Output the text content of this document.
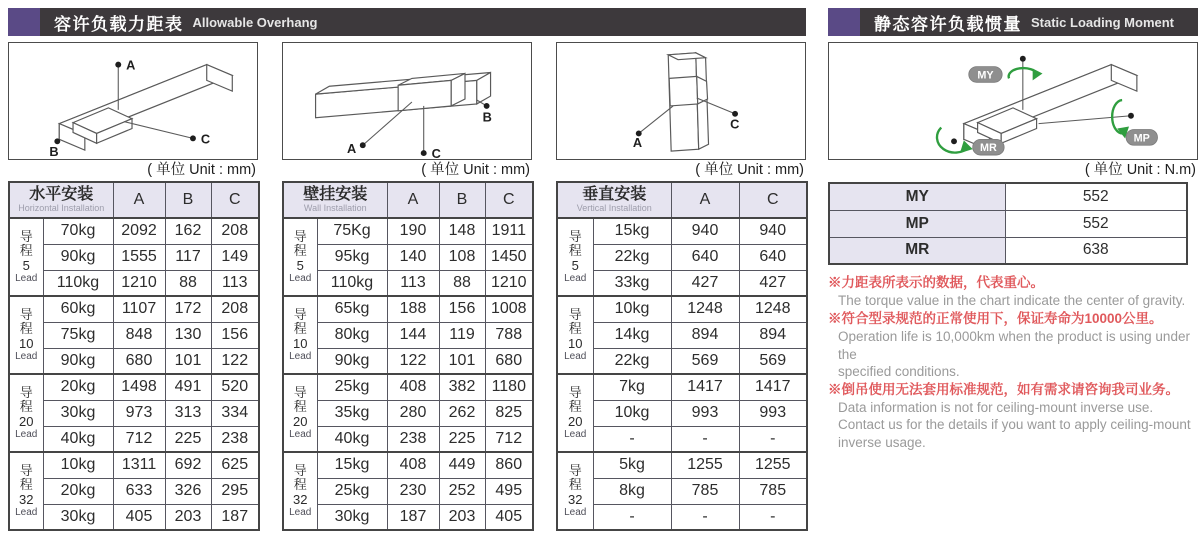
容许负载力距表 Allowable Overhang
A
C
B
( 单位 Unit : mm)
水平安装
Horizontal Installation		A	B	C

导
程
5
Lead	70kg	2092	162	208
	90kg	1555	117	149
	110kg	1210	88	113

导
程
10
Lead	60kg	1107	172	208
	75kg	848	130	156
	90kg	680	101	122

导
程
20
Lead	20kg	1498	491	520
	30kg	973	313	334
	40kg	712	225	238

导
程
32
Lead	10kg	1311	692	625
	20kg	633	326	295
	30kg	405	203	187
A	C
B
( 单位 Unit : mm)
壁挂安装
Wall Installation		A	B	C

导
程
5
Lead	75Kg	190	148	1911
	95kg	140	108	1450
	110kg	113	88	1210

导
程
10
Lead	65kg	188	156	1008
	80kg	144	119	788
	90kg	122	101	680

导
程
20
Lead	25kg	408	382	1180
	35kg	280	262	825
	40kg	238	225	712

导
程
32
Lead	15kg	408	449	860
	25kg	230	252	495
	30kg	187	203	405
A
C
( 单位 Unit : mm)
垂直安装
Vertical Installation		A	C

导
程
5
Lead	15kg	940	940
	22kg	640	640
	33kg	427	427

导
程
10
Lead	10kg	1248	1248
	14kg	894	894
	22kg	569	569

导
程
20
Lead	7kg	1417	1417
	10kg	993	993
	-	-	-

导
程
32
Lead	5kg	1255	1255
	8kg	785	785
	-	-	-
静态容许负载惯量 Static Loading Moment
MY
MP
MR
( 单位 Unit : N.m)
MY	552
MP	552
MR	638
※力距表所表示的数据，代表重心。
The torque value in the chart indicate the center of gravity.
※符合型录规范的正常使用下，保证寿命为10000公里。
Operation life is 10,000km when the product is using under the
specified conditions.
※倒吊使用无法套用标准规范，如有需求请咨询我司业务。
Data information is not for ceiling-mount inverse use.
Contact us for the details if you want to apply ceiling-mount
inverse usage.
